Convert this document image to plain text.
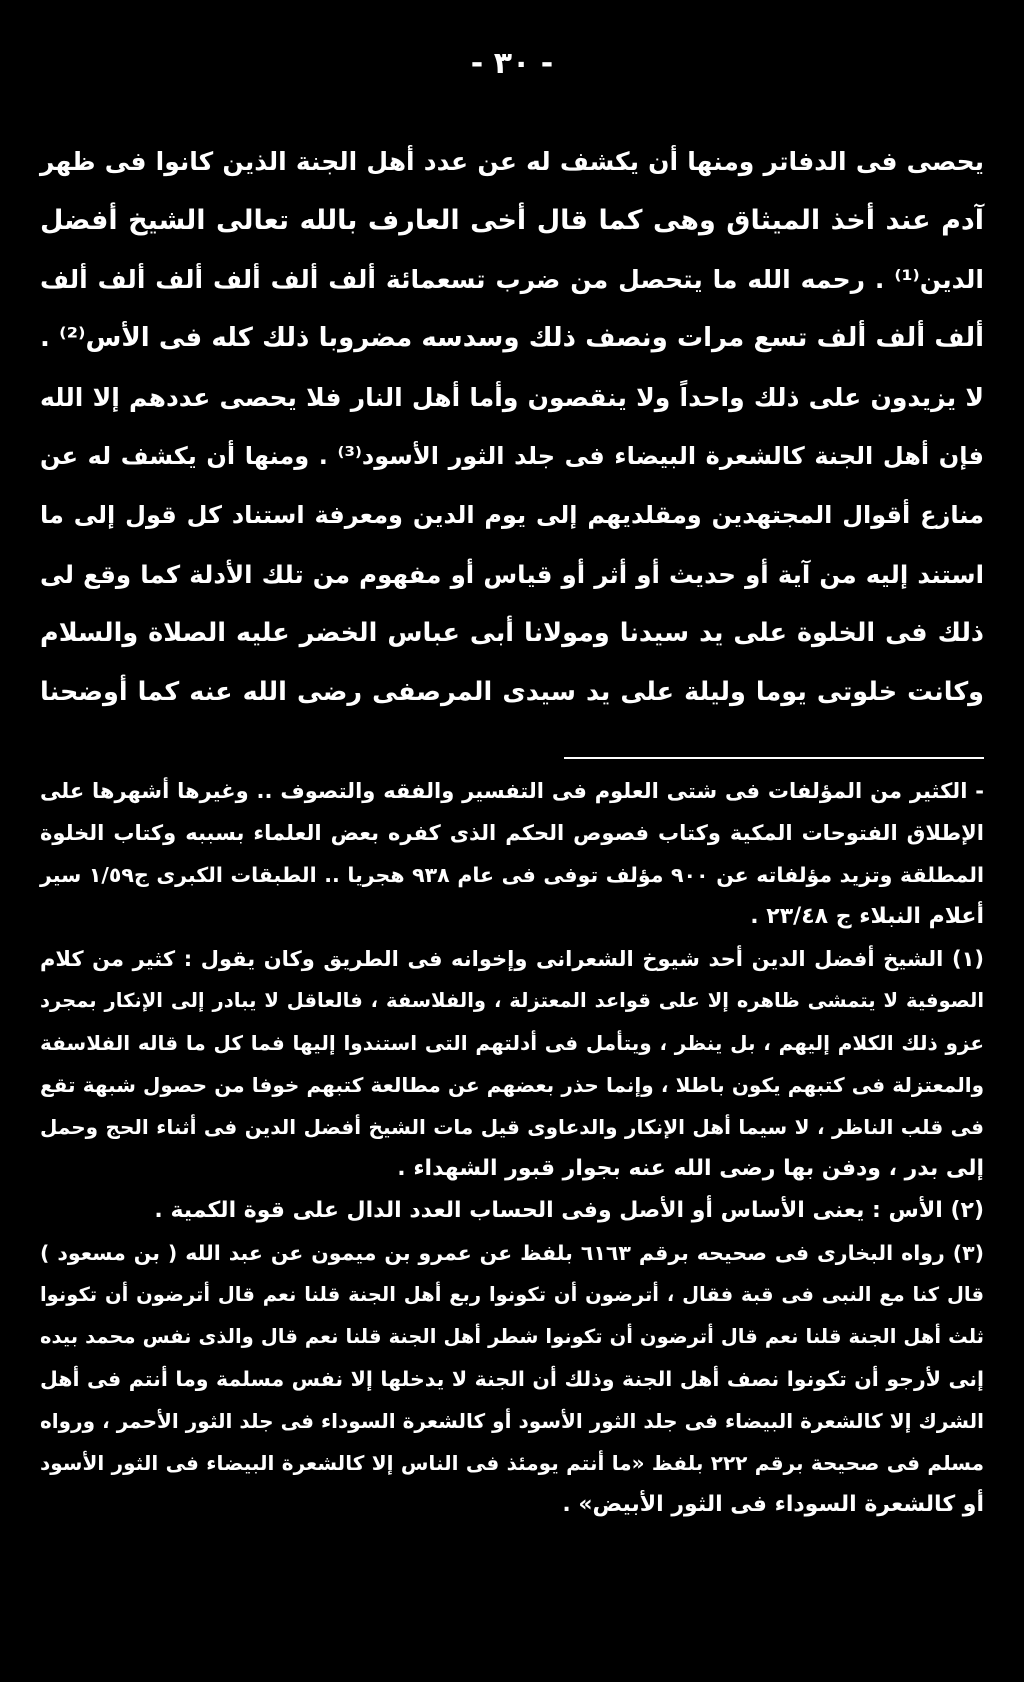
- ٣٠ -
يحصى فى الدفاتر ومنها أن يكشف له عن عدد أهل الجنة الذين كانوا فى ظهر
آدم عند أخذ الميثاق وهى كما قال أخى العارف بالله تعالى الشيخ أفضل
الدين⁽¹⁾ . رحمه الله ما يتحصل من ضرب تسعمائة ألف ألف ألف ألف ألف ألف
ألف ألف ألف تسع مرات ونصف ذلك وسدسه مضروبا ذلك كله فى الأس⁽²⁾ .
لا يزيدون على ذلك واحداً ولا ينقصون وأما أهل النار فلا يحصى عددهم إلا الله
فإن أهل الجنة كالشعرة البيضاء فى جلد الثور الأسود⁽³⁾ . ومنها أن يكشف له عن
منازع أقوال المجتهدين ومقلديهم إلى يوم الدين ومعرفة استناد كل قول إلى ما
استند إليه من آية أو حديث أو أثر أو قياس أو مفهوم من تلك الأدلة كما وقع لى
ذلك فى الخلوة على يد سيدنا ومولانا أبى عباس الخضر عليه الصلاة والسلام
وكانت خلوتى يوما وليلة على يد سيدى المرصفى رضى الله عنه كما أوضحنا
- الكثير من المؤلفات فى شتى العلوم فى التفسير والفقه والتصوف .. وغيرها أشهرها على
الإطلاق الفتوحات المكية وكتاب فصوص الحكم الذى كفره بعض العلماء بسببه وكتاب الخلوة
المطلقة وتزيد مؤلفاته عن ٩٠٠ مؤلف توفى فى عام ٩٣٨ هجريا .. الطبقات الكبرى ج١/٥٩ سير
أعلام النبلاء ج ٢٣/٤٨ .
(١) الشيخ أفضل الدين أحد شيوخ الشعرانى وإخوانه فى الطريق وكان يقول : كثير من كلام
الصوفية لا يتمشى ظاهره إلا على قواعد المعتزلة ، والفلاسفة ، فالعاقل لا يبادر إلى الإنكار بمجرد
عزو ذلك الكلام إليهم ، بل ينظر ، ويتأمل فى أدلتهم التى استندوا إليها فما كل ما قاله الفلاسفة
والمعتزلة فى كتبهم يكون باطلا ، وإنما حذر بعضهم عن مطالعة كتبهم خوفا من حصول شبهة تقع
فى قلب الناظر ، لا سيما أهل الإنكار والدعاوى قيل مات الشيخ أفضل الدين فى أثناء الحج وحمل
إلى بدر ، ودفن بها رضى الله عنه بجوار قبور الشهداء .
(٢) الأس : يعنى الأساس أو الأصل وفى الحساب العدد الدال على قوة الكمية .
(٣) رواه البخارى فى صحيحه برقم ٦١٦٣ بلفظ عن عمرو بن ميمون عن عبد الله ( بن مسعود )
قال كنا مع النبى فى قبة فقال ، أترضون أن تكونوا ربع أهل الجنة قلنا نعم قال أترضون أن تكونوا
ثلث أهل الجنة قلنا نعم قال أترضون أن تكونوا شطر أهل الجنة قلنا نعم قال والذى نفس محمد بيده
إنى لأرجو أن تكونوا نصف أهل الجنة وذلك أن الجنة لا يدخلها إلا نفس مسلمة وما أنتم فى أهل
الشرك إلا كالشعرة البيضاء فى جلد الثور الأسود أو كالشعرة السوداء فى جلد الثور الأحمر ، ورواه
مسلم فى صحيحة برقم ٢٢٢ بلفظ «ما أنتم يومئذ فى الناس إلا كالشعرة البيضاء فى الثور الأسود
أو كالشعرة السوداء فى الثور الأبيض» .
